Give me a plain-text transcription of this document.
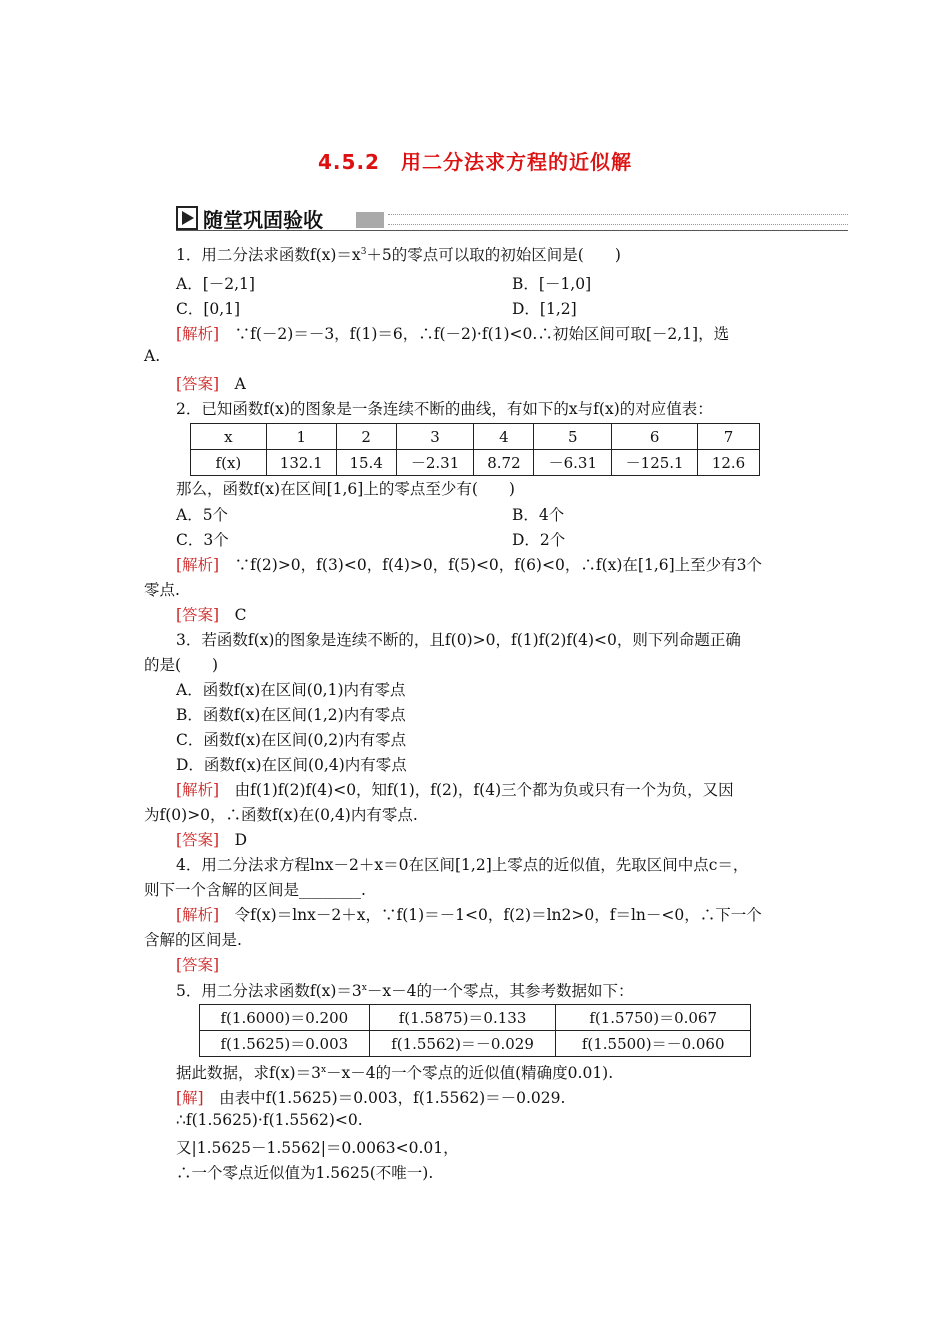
4.5.2　用二分法求方程的近似解
随堂巩固验收
1．用二分法求函数$f(x)=x^3+5$的零点可以取的初始区间是(　　)
A．[－2,1]	B．[－1,0]
C．[0,1]	D．[1,2]
[解析]　 ∵f(－2)＝－3，f(1)＝6，∴f(－2)·f(1)<0.∴初始区间可取[－2,1]，选
A.
[答案]　 A
2．已知函数f(x)的图象是一条连续不断的曲线，有如下的x与f(x)的对应值表：
x	1	2	3	4	5	6	7
f(x)	132.1	15.4	－2.31	8.72	－6.31	－125.1	12.6
那么，函数f(x)在区间[1,6]上的零点至少有(　　)
A．5个	B．4个
C．3个	D．2个
[解析]　 ∵f(2)>0，f(3)<0，f(4)>0，f(5)<0，f(6)<0，∴f(x)在[1,6]上至少有3个
零点.
[答案]　 C
3．若函数f(x)的图象是连续不断的，且f(0)>0，f(1)f(2)f(4)<0，则下列命题正确
的是(　　)
A．函数f(x)在区间(0,1)内有零点
B．函数f(x)在区间(1,2)内有零点
C．函数f(x)在区间(0,2)内有零点
D．函数f(x)在区间(0,4)内有零点
[解析]　 由f(1)f(2)f(4)<0，知f(1)，f(2)，f(4)三个都为负或只有一个为负，又因
为f(0)>0，∴函数f(x)在(0,4)内有零点.
[答案]　 D
4．用二分法求方程lnx－2＋x＝0在区间[1,2]上零点的近似值，先取区间中点c＝，
则下一个含解的区间是________.
[解析]　 令f(x)＝lnx－2＋x，∵f(1)＝－1<0，f(2)＝ln2>0，f＝ln－<0，∴下一个
含解的区间是.
[答案]
5．用二分法求函数$f(x)=3^x-x-4$的一个零点，其参考数据如下：
f(1.6000)＝0.200	f(1.5875)＝0.133	f(1.5750)＝0.067
f(1.5625)＝0.003	f(1.5562)＝－0.029	f(1.5500)＝－0.060
据此数据，求$f(x)=3^x-x-4$的一个零点的近似值(精确度0.01).
[解]　 由表中f(1.5625)＝0.003，f(1.5562)＝－0.029.
∴f(1.5625)·f(1.5562)<0.
又|1.5625－1.5562|＝0.0063<0.01，
∴一个零点近似值为1.5625(不唯一).
